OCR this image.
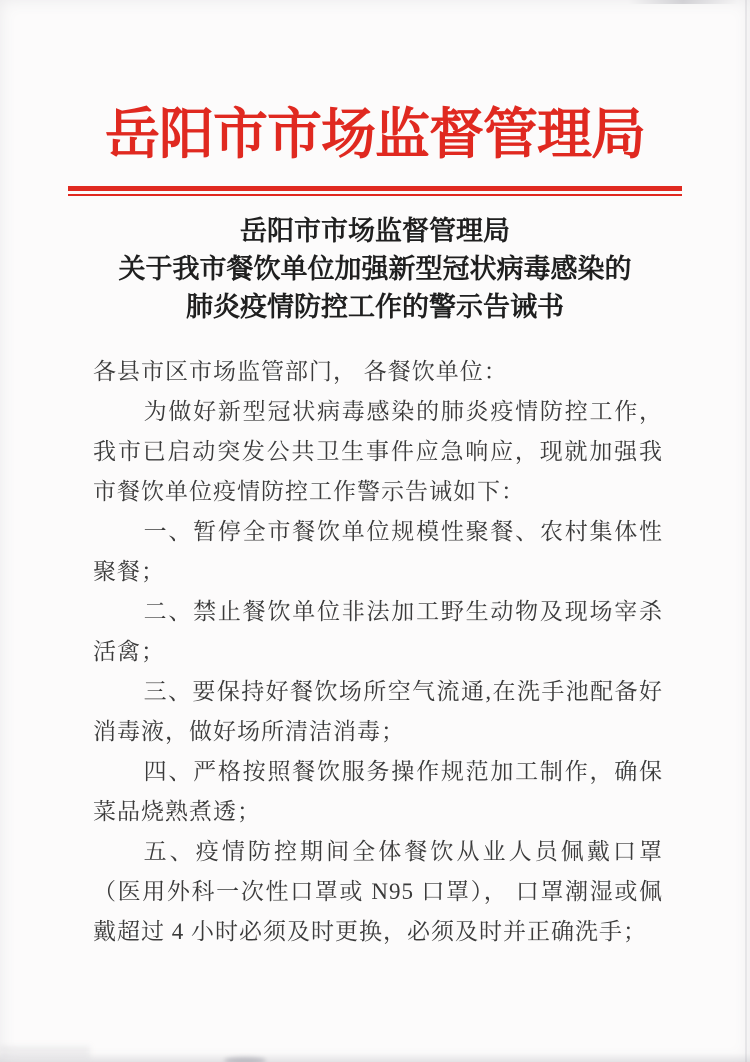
岳阳市市场监督管理局
岳阳市市场监督管理局
关于我市餐饮单位加强新型冠状病毒感染的
肺炎疫情防控工作的警示告诫书

各县市区市场监管部门， 各餐饮单位：

为做好新型冠状病毒感染的肺炎疫情防控工作，我市已启动突发公共卫生事件应急响应，现就加强我市餐饮单位疫情防控工作警示告诫如下：

一、暂停全市餐饮单位规模性聚餐、农村集体性聚餐；

二、禁止餐饮单位非法加工野生动物及现场宰杀活禽；

三、要保持好餐饮场所空气流通,在洗手池配备好消毒液，做好场所清洁消毒；

四、严格按照餐饮服务操作规范加工制作，确保菜品烧熟煮透；

五、疫情防控期间全体餐饮从业人员佩戴口罩（医用外科一次性口罩或 N95 口罩）， 口罩潮湿或佩戴超过 4 小时必须及时更换，必须及时并正确洗手；
